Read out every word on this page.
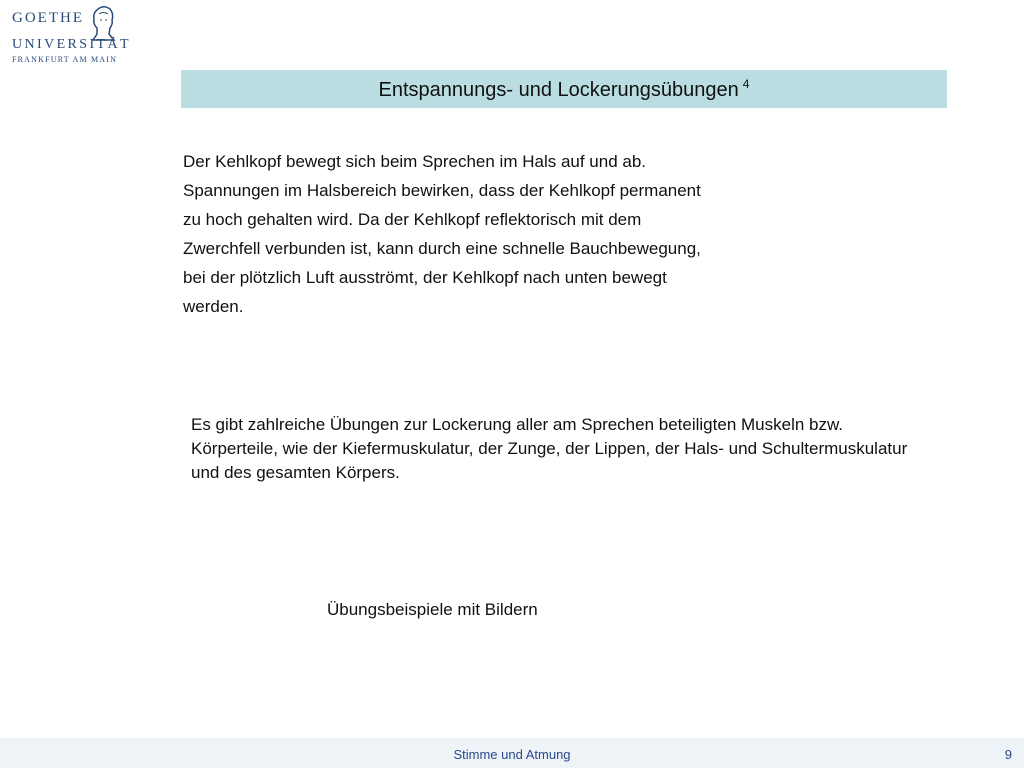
GOETHE
UNIVERSITÄT
FRANKFURT AM MAIN
Entspannungs- und Lockerungsübungen $^4$
Der Kehlkopf bewegt sich beim Sprechen im Hals auf und ab. Spannungen im Halsbereich bewirken, dass der Kehlkopf permanent zu hoch gehalten wird. Da der Kehlkopf reflektorisch mit dem Zwerchfell verbunden ist, kann durch eine schnelle Bauchbewegung, bei der plötzlich Luft ausströmt, der Kehlkopf nach unten bewegt werden.
Es gibt zahlreiche Übungen zur Lockerung aller am Sprechen beteiligten Muskeln bzw. Körperteile, wie der Kiefermuskulatur, der Zunge, der Lippen, der Hals- und Schultermuskulatur und des gesamten Körpers.
Übungsbeispiele mit Bildern
Stimme und Atmung	9
